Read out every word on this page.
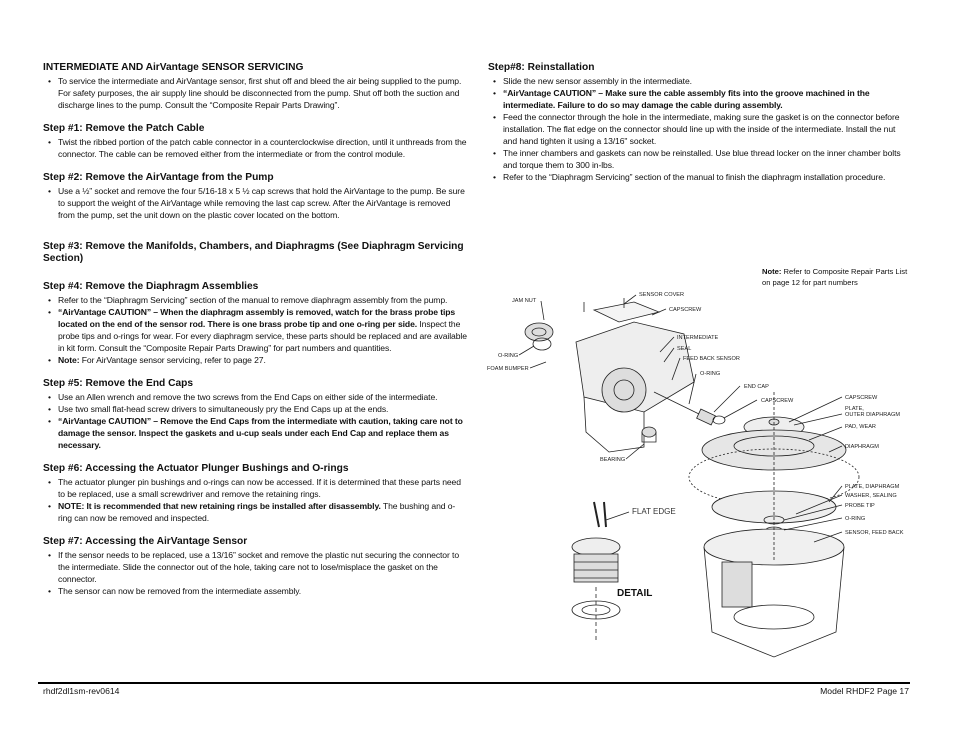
INTERMEDIATE AND AirVantage SENSOR SERVICING
• To service the intermediate and AirVantage sensor, first shut off and bleed the air being supplied to the pump. For safety purposes, the air supply line should be disconnected from the pump. Shut off both the suction and discharge lines to the pump. Consult the “Composite Repair Parts Drawing”.
Step #1: Remove the Patch Cable
• Twist the ribbed portion of the patch cable connector in a counterclockwise direction, until it unthreads from the connector. The cable can be removed either from the intermediate or from the control module.
Step #2: Remove the AirVantage from the Pump
• Use a ½” socket and remove the four 5/16-18 x 5 ½ cap screws that hold the AirVantage to the pump. Be sure to support the weight of the AirVantage while removing the last cap screw. After the AirVantage is removed from the pump, set the unit down on the plastic cover located on the bottom.
Step #3: Remove the Manifolds, Chambers, and Diaphragms (See Diaphragm Servicing Section)
Step #4: Remove the Diaphragm Assemblies
• Refer to the “Diaphragm Servicing” section of the manual to remove diaphragm assembly from the pump.
• “AirVantage CAUTION” – When the diaphragm assembly is removed, watch for the brass probe tips located on the end of the sensor rod. There is one brass probe tip and one o-ring per side. Inspect the probe tips and o-rings for wear. For every diaphragm service, these parts should be replaced and are available in kit form. Consult the “Composite Repair Parts Drawing” for part numbers and quantities.
• Note: For AirVantage sensor servicing, refer to page 27.
Step #5: Remove the End Caps
• Use an Allen wrench and remove the two screws from the End Caps on either side of the intermediate.
• Use two small flat-head screw drivers to simultaneously pry the End Caps up at the ends.
• “AirVantage CAUTION” – Remove the End Caps from the intermediate with caution, taking care not to damage the sensor. Inspect the gaskets and u-cup seals under each End Cap and replace them as necessary.
Step #6: Accessing the Actuator Plunger Bushings and O-rings
• The actuator plunger pin bushings and o-rings can now be accessed. If it is determined that these parts need to be replaced, use a small screwdriver and remove the retaining rings.
• NOTE: It is recommended that new retaining rings be installed after disassembly. The bushing and o-ring can now be removed and inspected.
Step #7: Accessing the AirVantage Sensor
• If the sensor needs to be replaced, use a 13/16” socket and remove the plastic nut securing the connector to the intermediate. Slide the connector out of the hole, taking care not to lose/misplace the gasket on the connector.
• The sensor can now be removed from the intermediate assembly.
Step#8: Reinstallation
• Slide the new sensor assembly in the intermediate.
• “AirVantage CAUTION” – Make sure the cable assembly fits into the groove machined in the intermediate. Failure to do so may damage the cable during assembly.
• Feed the connector through the hole in the intermediate, making sure the gasket is on the connector before installation. The flat edge on the connector should line up with the inside of the intermediate. Install the nut and hand tighten it using a 13/16" socket.
• The inner chambers and gaskets can now be reinstalled. Use blue thread locker on the inner chamber bolts and torque them to 300 in-lbs.
• Refer to the “Diaphragm Servicing” section of the manual to finish the diaphragm installation procedure.
Note: Refer to Composite Repair Parts List on page 12 for part numbers
JAM NUT
O-RING
FOAM BUMPER
SENSOR COVER
CAPSCREW
INTERMEDIATE
SEAL
FEED BACK SENSOR
O-RING
END CAP
CAPSCREW
BEARING
CAPSCREW
PLATE,
OUTER DIAPHRAGM
PAD, WEAR
DIAPHRAGM
PLATE, DIAPHRAGM
WASHER, SEALING
PROBE TIP
O-RING
SENSOR, FEED BACK
FLAT EDGE
DETAIL
rhdf2dl1sm-rev0614	Model RHDF2 Page 17
